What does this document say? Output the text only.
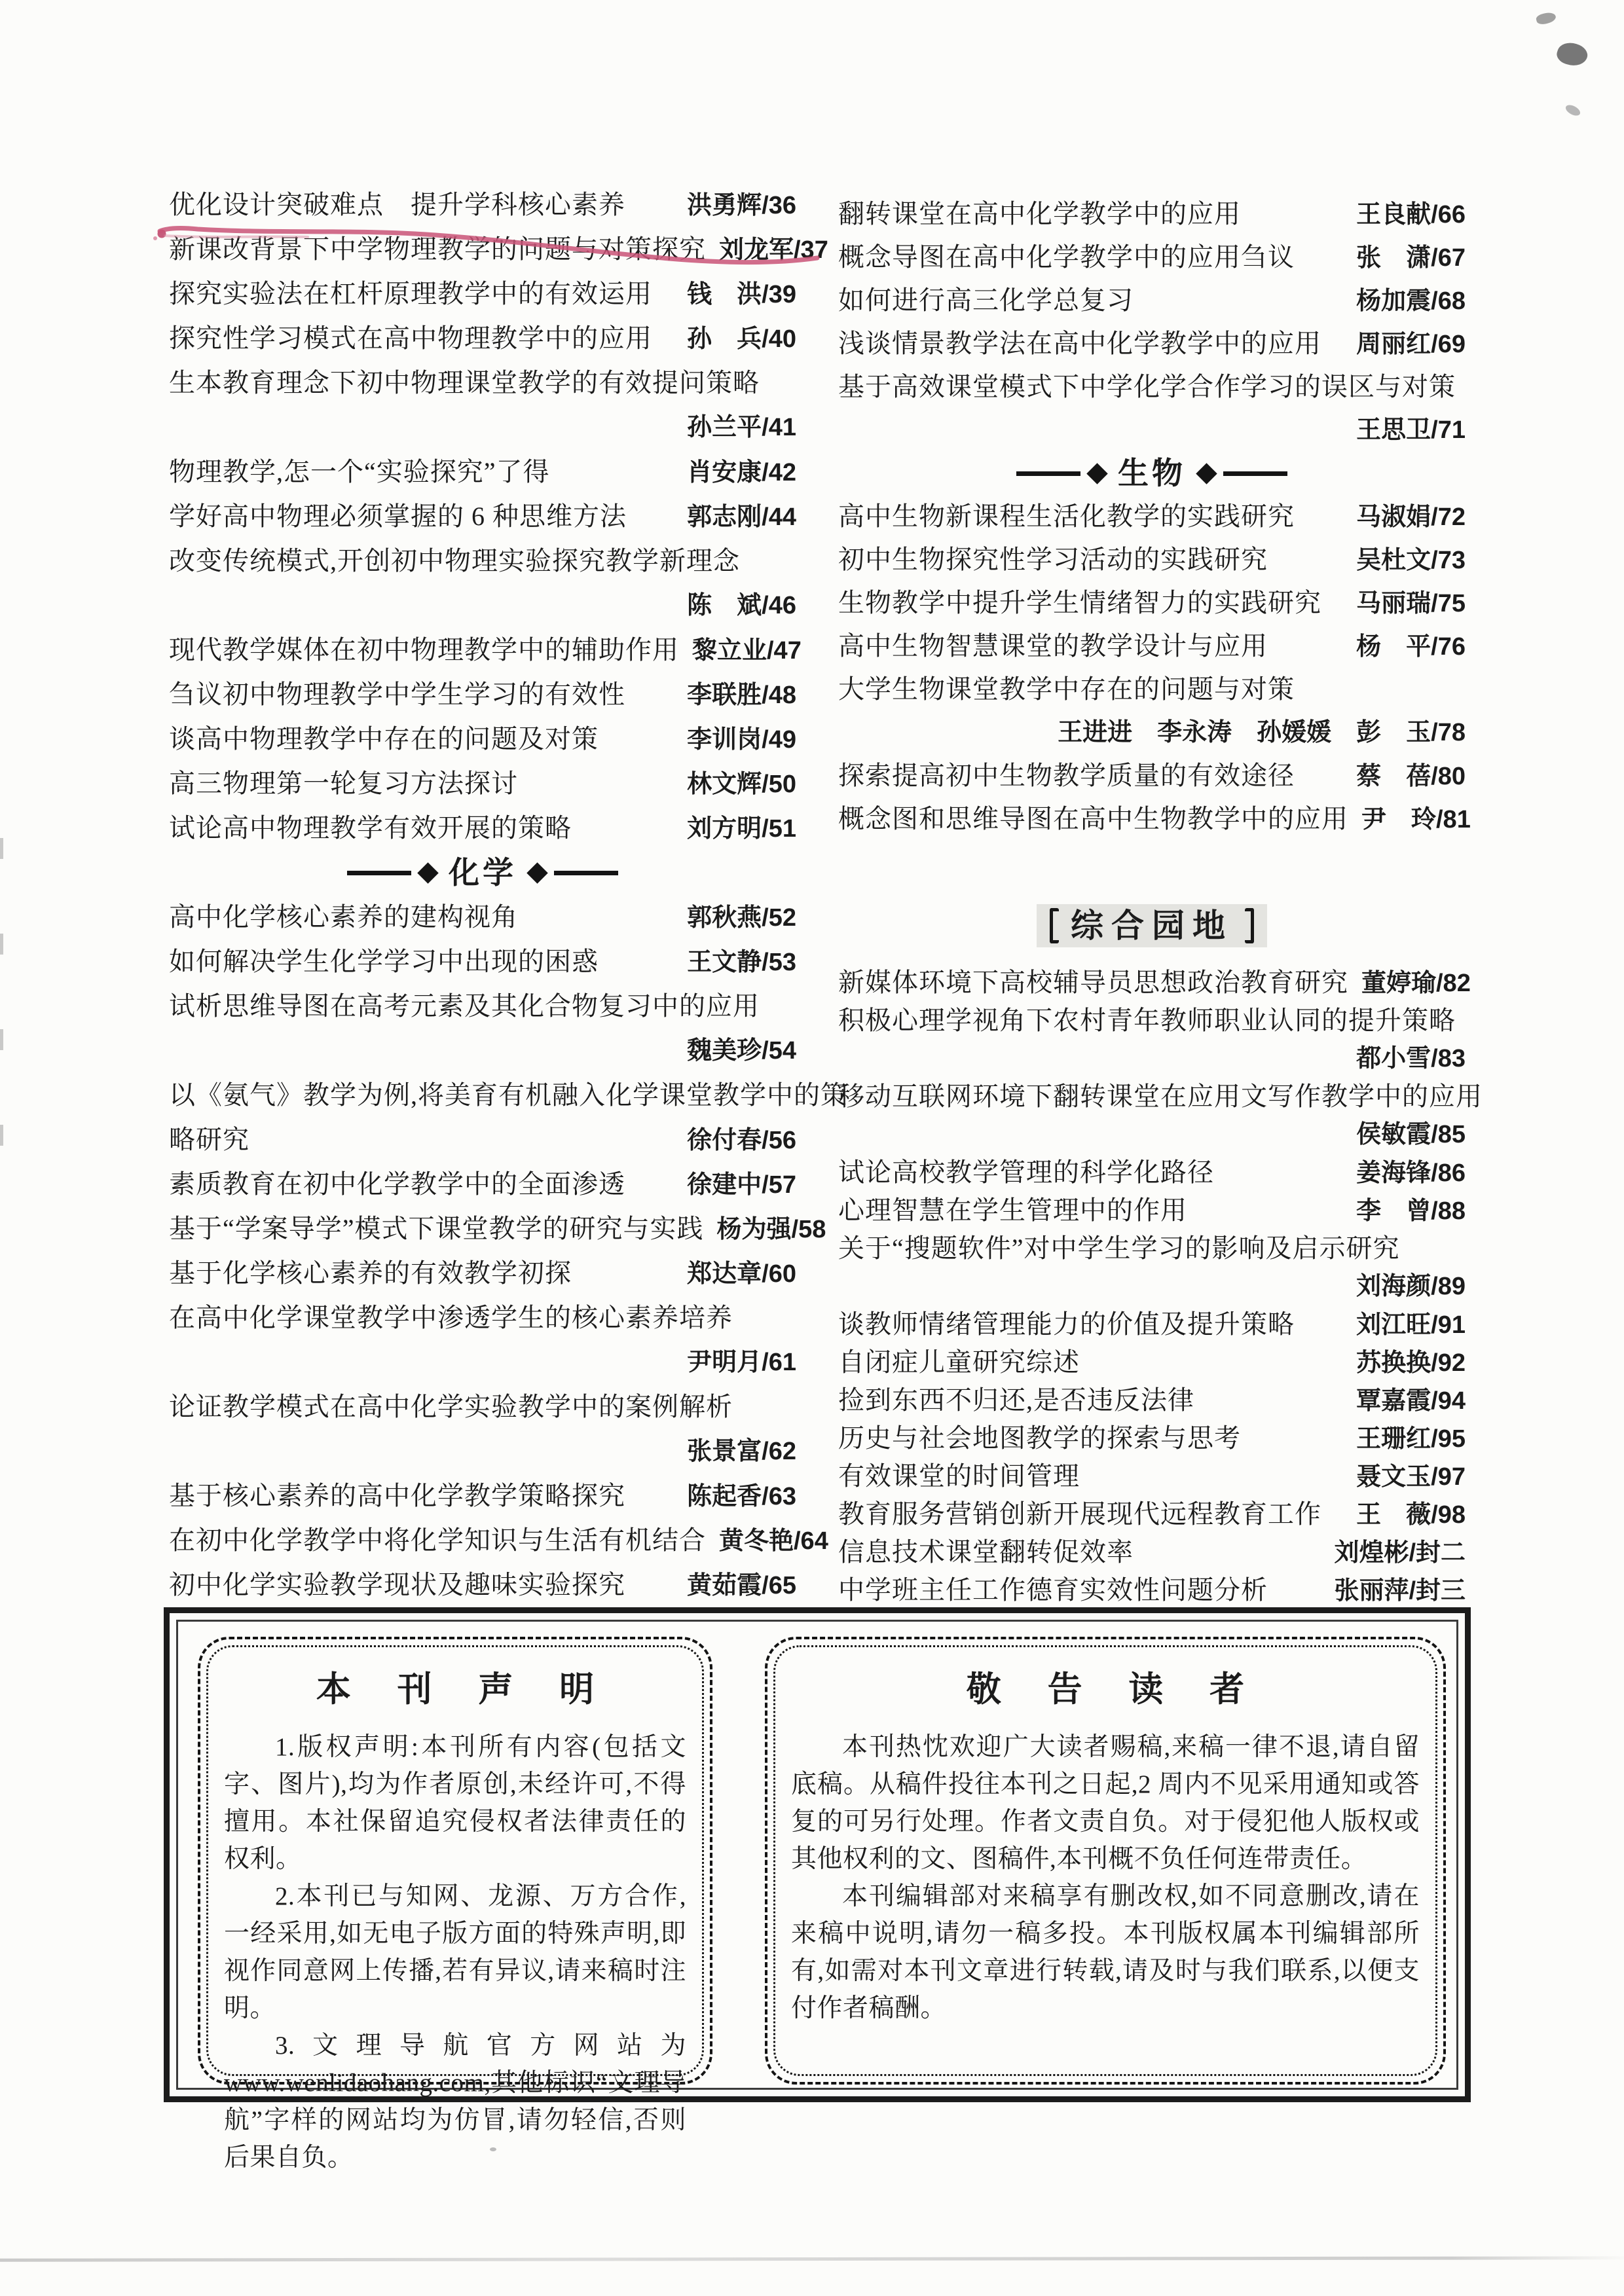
优化设计突破难点　提升学科核心素养	洪勇辉/36
新课改背景下中学物理教学的问题与对策探究 刘龙军/37
探究实验法在杠杆原理教学中的有效运用	钱　洪/39
探究性学习模式在高中物理教学中的应用	孙　兵/40
生本教育理念下初中物理课堂教学的有效提问策略
孙兰平/41
物理教学,怎一个“实验探究”了得	肖安康/42
学好高中物理必须掌握的 6 种思维方法	郭志刚/44
改变传统模式,开创初中物理实验探究教学新理念
陈　斌/46
现代教学媒体在初中物理教学中的辅助作用 黎立业/47
刍议初中物理教学中学生学习的有效性	李联胜/48
谈高中物理教学中存在的问题及对策	李训岗/49
高三物理第一轮复习方法探讨	林文辉/50
试论高中物理教学有效开展的策略	刘方明/51
化学
高中化学核心素养的建构视角	郭秋燕/52
如何解决学生化学学习中出现的困惑	王文静/53
试析思维导图在高考元素及其化合物复习中的应用
魏美珍/54
以《氨气》教学为例,将美育有机融入化学课堂教学中的策
略研究	徐付春/56
素质教育在初中化学教学中的全面渗透	徐建中/57
基于“学案导学”模式下课堂教学的研究与实践 杨为强/58
基于化学核心素养的有效教学初探	郑达章/60
在高中化学课堂教学中渗透学生的核心素养培养
尹明月/61
论证教学模式在高中化学实验教学中的案例解析
张景富/62
基于核心素养的高中化学教学策略探究	陈起香/63
在初中化学教学中将化学知识与生活有机结合 黄冬艳/64
初中化学实验教学现状及趣味实验探究	黄茹霞/65
翻转课堂在高中化学教学中的应用	王良献/66
概念导图在高中化学教学中的应用刍议	张　潇/67
如何进行高三化学总复习	杨加震/68
浅谈情景教学法在高中化学教学中的应用	周丽红/69
基于高效课堂模式下中学化学合作学习的误区与对策
王思卫/71
生物
高中生物新课程生活化教学的实践研究	马淑娟/72
初中生物探究性学习活动的实践研究	吴杜文/73
生物教学中提升学生情绪智力的实践研究	马丽瑞/75
高中生物智慧课堂的教学设计与应用	杨　平/76
大学生物课堂教学中存在的问题与对策
王进进　李永涛　孙媛媛　彭　玉/78
探索提高初中生物教学质量的有效途径	蔡　蓓/80
概念图和思维导图在高中生物教学中的应用 尹　玲/81
综合园地
新媒体环境下高校辅导员思想政治教育研究 董婷瑜/82
积极心理学视角下农村青年教师职业认同的提升策略
都小雪/83
移动互联网环境下翻转课堂在应用文写作教学中的应用
侯敏霞/85
试论高校教学管理的科学化路径	姜海锋/86
心理智慧在学生管理中的作用	李　曾/88
关于“搜题软件”对中学生学习的影响及启示研究
刘海颜/89
谈教师情绪管理能力的价值及提升策略	刘江旺/91
自闭症儿童研究综述	苏换换/92
捡到东西不归还,是否违反法律	覃嘉霞/94
历史与社会地图教学的探索与思考	王珊红/95
有效课堂的时间管理	聂文玉/97
教育服务营销创新开展现代远程教育工作	王　薇/98
信息技术课堂翻转促效率	刘煌彬/封二
中学班主任工作德育实效性问题分析	张丽萍/封三
本 刊 声 明

1.版权声明:本刊所有内容(包括文字、图片),均为作者原创,未经许可,不得擅用。本社保留追究侵权者法律责任的权利。

2.本刊已与知网、龙源、万方合作,一经采用,如无电子版方面的特殊声明,即视作同意网上传播,若有异议,请来稿时注明。

3.文理导航官方网站为 www.wenlidaohang.com,其他标识“文理导航”字样的网站均为仿冒,请勿轻信,否则后果自负。

敬 告 读 者

本刊热忱欢迎广大读者赐稿,来稿一律不退,请自留底稿。从稿件投往本刊之日起,2 周内不见采用通知或答复的可另行处理。作者文责自负。对于侵犯他人版权或其他权利的文、图稿件,本刊概不负任何连带责任。

本刊编辑部对来稿享有删改权,如不同意删改,请在来稿中说明,请勿一稿多投。本刊版权属本刊编辑部所有,如需对本刊文章进行转载,请及时与我们联系,以便支付作者稿酬。
